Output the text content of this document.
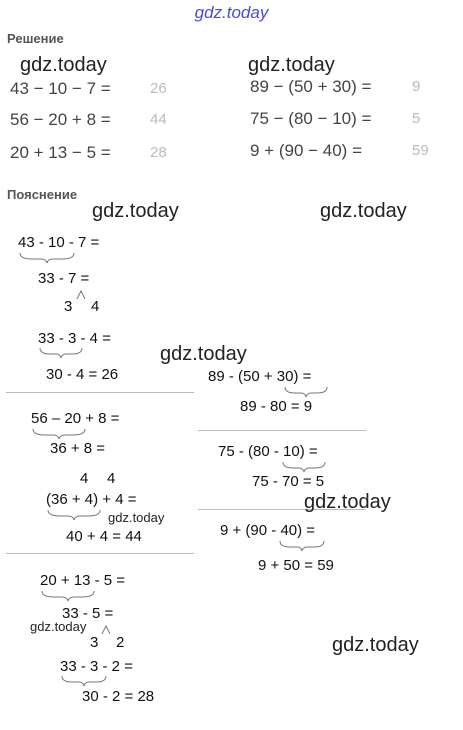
gdz.today
Решение
43 − 10 − 7 =	26
56 − 20 + 8 =	44
20 + 13 − 5 =	28
89 − (50 + 30) =	9
75 − (80 − 10) =	5
9 + (90 − 40) =	59
Пояснение
43 - 10 - 7 =
33 - 7 =
3 4
33 - 3 - 4 =
30 - 4 = 26
56 – 20 + 8 =
36 + 8 =
4 4
(36 + 4) + 4 =
40 + 4 = 44
20 + 13 - 5 =
33 - 5 =
3 2
33 - 3 - 2 =
30 - 2 = 28
89 - (50 + 30) =
89 - 80 = 9
75 - (80 - 10) =
75 - 70 = 5
9 + (90 - 40) =
9 + 50 = 59
gdz.today	gdz.today
gdz.today	gdz.today
gdz.today
gdz.today
gdz.today
gdz.today
gdz.today
